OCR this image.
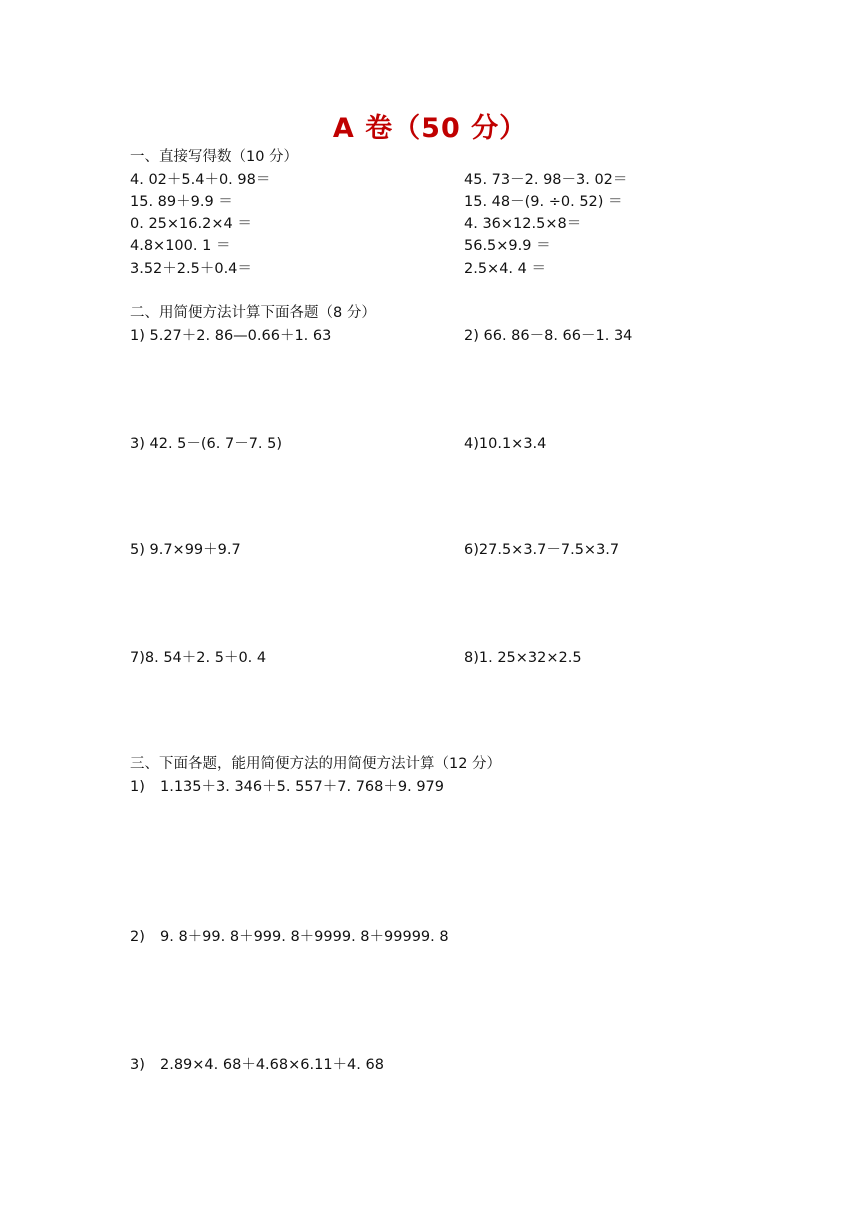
A 卷（50 分）
一、直接写得数（10 分）
4. 02＋5.4＋0. 98＝
15. 89＋9.9 ＝
0. 25×16.2×4 ＝
4.8×100. 1 ＝
3.52＋2.5＋0.4＝
45. 73－2. 98－3. 02＝
15. 48－(9. ÷0. 52) ＝
4. 36×12.5×8＝
56.5×9.9 ＝
2.5×4. 4 ＝
二、用简便方法计算下面各题（8 分）
1) 5.27＋2. 86—0.66＋1. 63	2) 66. 86－8. 66－1. 34
3) 42. 5－(6. 7－7. 5)	4)10.1×3.4
5) 9.7×99＋9.7	6)27.5×3.7－7.5×3.7
7)8. 54＋2. 5＋0. 4	8)1. 25×32×2.5
三、下面各题，能用简便方法的用简便方法计算（12 分）
1) 1.135＋3. 346＋5. 557＋7. 768＋9. 979
2) 9. 8＋99. 8＋999. 8＋9999. 8＋99999. 8
3) 2.89×4. 68＋4.68×6.11＋4. 68
